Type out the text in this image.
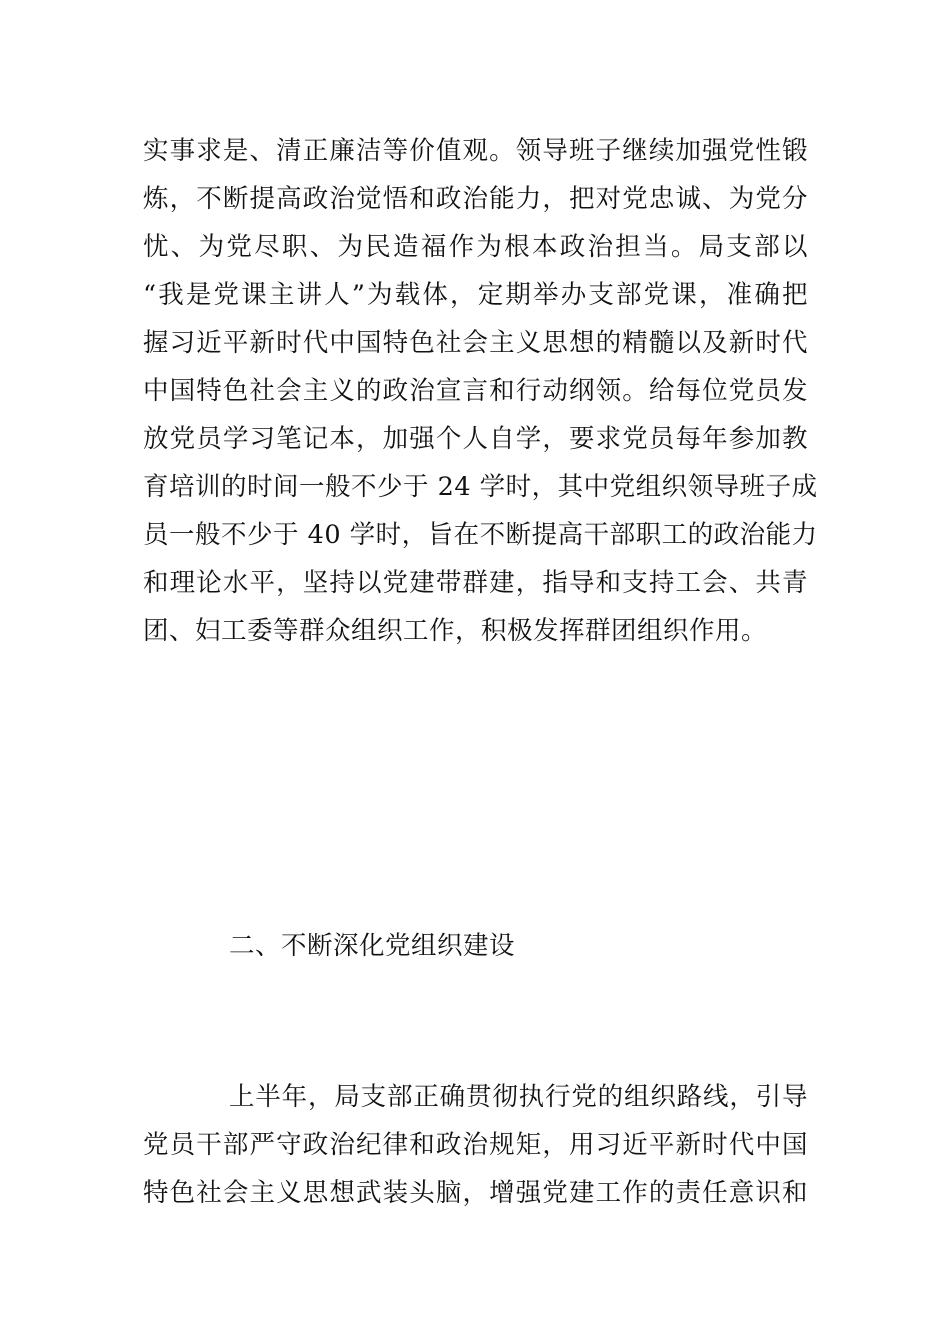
实事求是、清正廉洁等价值观。领导班子继续加强党性锻
炼，不断提高政治觉悟和政治能力，把对党忠诚、为党分
忧、为党尽职、为民造福作为根本政治担当。局支部以
“我是党课主讲人”为载体，定期举办支部党课，准确把
握习近平新时代中国特色社会主义思想的精髓以及新时代
中国特色社会主义的政治宣言和行动纲领。给每位党员发
放党员学习笔记本，加强个人自学，要求党员每年参加教
育培训的时间一般不少于 24 学时，其中党组织领导班子成
员一般不少于 40 学时，旨在不断提高干部职工的政治能力
和理论水平，坚持以党建带群建，指导和支持工会、共青
团、妇工委等群众组织工作，积极发挥群团组织作用。
二、不断深化党组织建设
上半年，局支部正确贯彻执行党的组织路线，引导
党员干部严守政治纪律和政治规矩，用习近平新时代中国
特色社会主义思想武装头脑，增强党建工作的责任意识和
